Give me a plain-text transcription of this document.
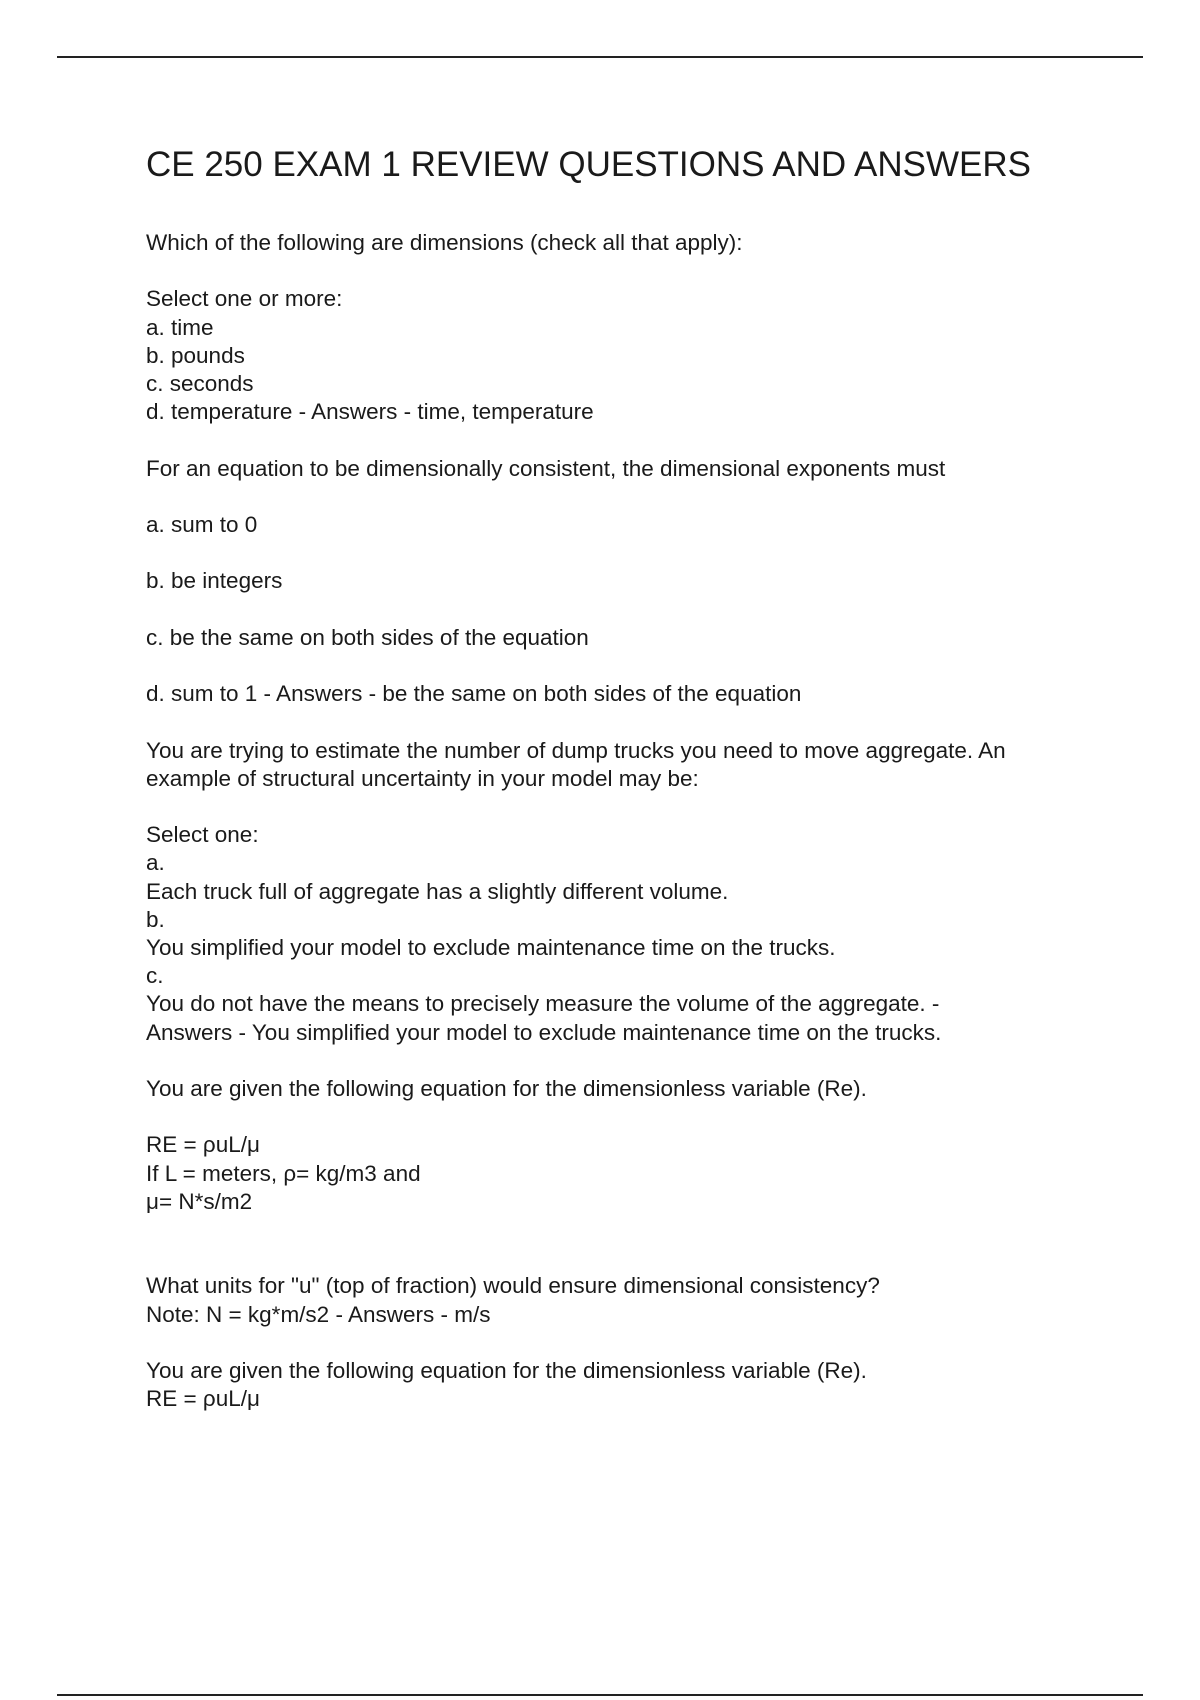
CE 250 EXAM 1 REVIEW QUESTIONS AND ANSWERS
Which of the following are dimensions (check all that apply):
Select one or more:
a. time
b. pounds
c. seconds
d. temperature - Answers - time, temperature
For an equation to be dimensionally consistent, the dimensional exponents must
a. sum to 0
b. be integers
c. be the same on both sides of the equation
d. sum to 1 - Answers - be the same on both sides of the equation
You are trying to estimate the number of dump trucks you need to move aggregate. An
example of structural uncertainty in your model may be:
Select one:
a.
Each truck full of aggregate has a slightly different volume.
b.
You simplified your model to exclude maintenance time on the trucks.
c.
You do not have the means to precisely measure the volume of the aggregate. -
Answers - You simplified your model to exclude maintenance time on the trucks.
You are given the following equation for the dimensionless variable (Re).
RE = ρuL/μ
If L = meters, ρ= kg/m3 and
μ= N*s/m2
What units for "u" (top of fraction) would ensure dimensional consistency?
Note: N = kg*m/s2 - Answers - m/s
You are given the following equation for the dimensionless variable (Re).
RE = ρuL/μ
